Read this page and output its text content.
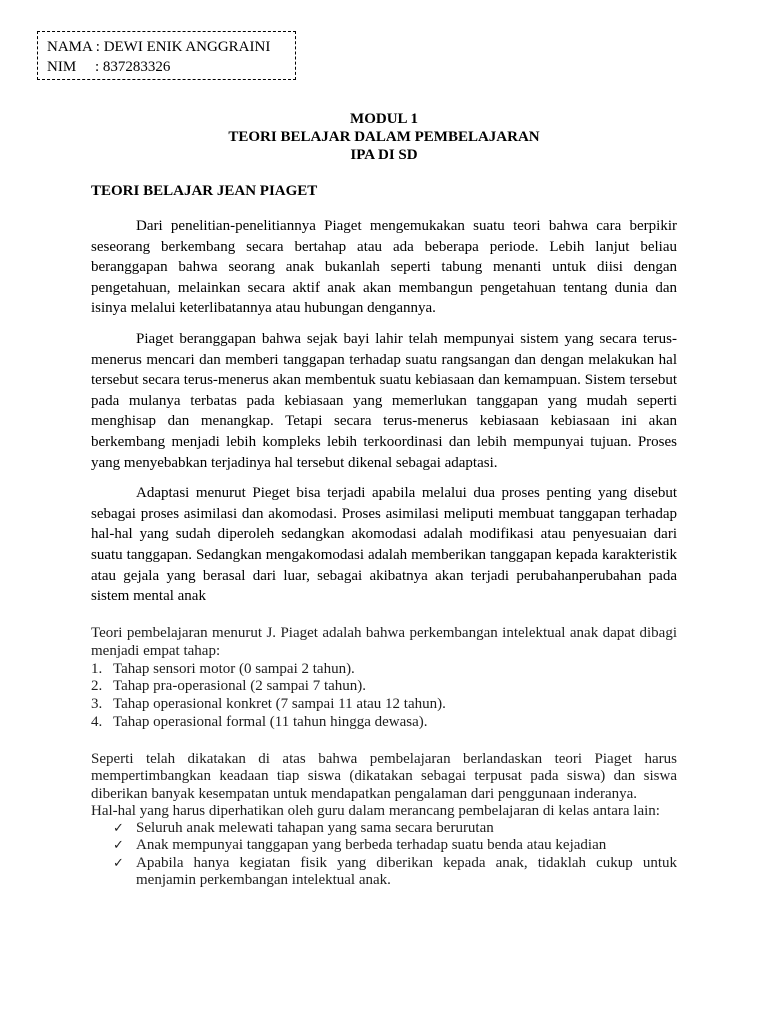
NAMA : DEWI ENIK ANGGRAINI
NIM : 837283326
MODUL 1
TEORI BELAJAR DALAM PEMBELAJARAN
IPA DI SD
TEORI BELAJAR JEAN PIAGET

Dari penelitian-penelitiannya Piaget mengemukakan suatu teori bahwa cara berpikir seseorang berkembang secara bertahap atau ada beberapa periode. Lebih lanjut beliau beranggapan bahwa seorang anak bukanlah seperti tabung menanti untuk diisi dengan pengetahuan, melainkan secara aktif anak akan membangun pengetahuan tentang dunia dan isinya melalui keterlibatannya atau hubungan dengannya.

Piaget beranggapan bahwa sejak bayi lahir telah mempunyai sistem yang secara terus-menerus mencari dan memberi tanggapan terhadap suatu rangsangan dan dengan melakukan hal tersebut secara terus-menerus akan membentuk suatu kebiasaan dan kemampuan. Sistem tersebut pada mulanya terbatas pada kebiasaan yang memerlukan tanggapan yang mudah seperti menghisap dan menangkap. Tetapi secara terus-menerus kebiasaan kebiasaan ini akan berkembang menjadi lebih kompleks lebih terkoordinasi dan lebih mempunyai tujuan. Proses yang menyebabkan terjadinya hal tersebut dikenal sebagai adaptasi.

Adaptasi menurut Pieget bisa terjadi apabila melalui dua proses penting yang disebut sebagai proses asimilasi dan akomodasi. Proses asimilasi meliputi membuat tanggapan terhadap hal-hal yang sudah diperoleh sedangkan akomodasi adalah modifikasi atau penyesuaian dari suatu tanggapan. Sedangkan mengakomodasi adalah memberikan tanggapan kepada karakteristik atau gejala yang berasal dari luar, sebagai akibatnya akan terjadi perubahanperubahan pada sistem mental anak

Teori pembelajaran menurut J. Piaget adalah bahwa perkembangan intelektual anak dapat dibagi menjadi empat tahap:

1. Tahap sensori motor (0 sampai 2 tahun).
2. Tahap pra-operasional (2 sampai 7 tahun).
3. Tahap operasional konkret (7 sampai 11 atau 12 tahun).
4. Tahap operasional formal (11 tahun hingga dewasa).

Seperti telah dikatakan di atas bahwa pembelajaran berlandaskan teori Piaget harus mempertimbangkan keadaan tiap siswa (dikatakan sebagai terpusat pada siswa) dan siswa diberikan banyak kesempatan untuk mendapatkan pengalaman dari penggunaan inderanya.

Hal-hal yang harus diperhatikan oleh guru dalam merancang pembelajaran di kelas antara lain:

✓ Seluruh anak melewati tahapan yang sama secara berurutan
✓ Anak mempunyai tanggapan yang berbeda terhadap suatu benda atau kejadian
✓ Apabila hanya kegiatan fisik yang diberikan kepada anak, tidaklah cukup untuk menjamin perkembangan intelektual anak.
